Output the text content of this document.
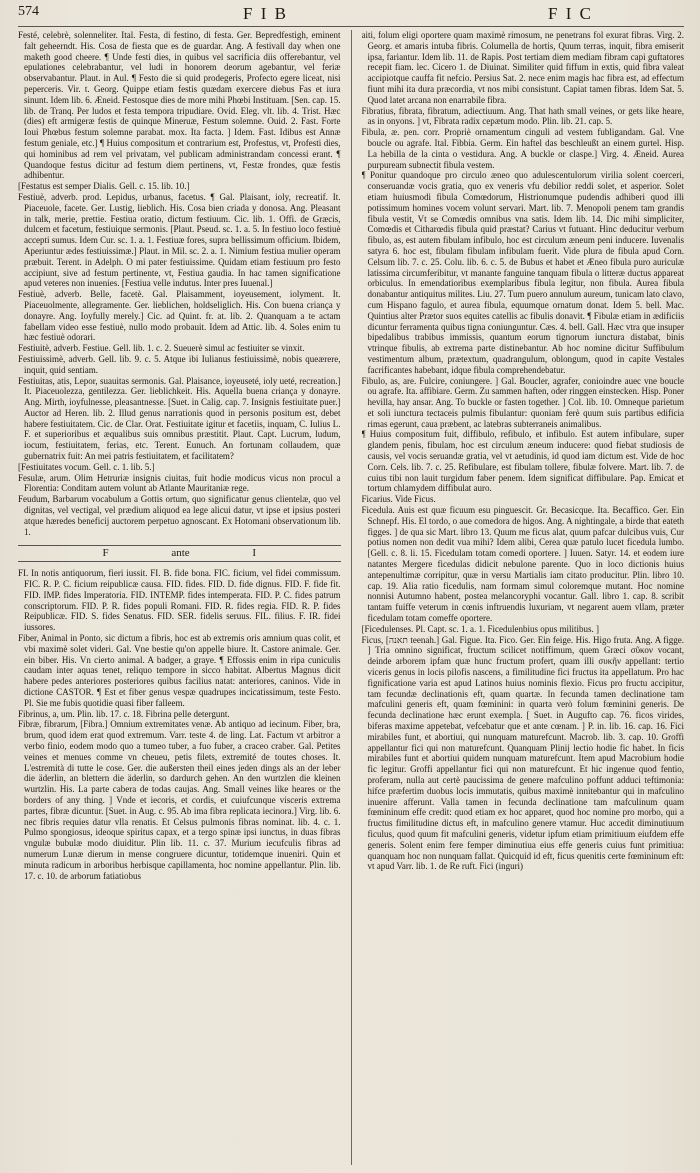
574	F I B	F I C

Festé, celebrè, solenneliter. Ital. Festa, di festino, di festa. Ger. Bepredfestigh, eminent falt geheerndt. His. Cosa de fiesta que es de guardar. Ang. A festivall day when one maketh good cheere. ¶ Unde festi dies, in quibus vel sacrificia diis offerebantur, vel epulationes celebrabantur, vel ludi in honorem deorum agebantur, vel feriæ observabantur. Plaut. in Aul. ¶ Festo die si quid prodegeris, Profecto egere liceat, nisi peperceris. Vir. t. Georg. Quippe etiam festis quædam exercere diebus Fas et iura sinunt. Idem lib. 6. Æneid. Festosque dies de more mihi Phœbi Instituam. [Sen. cap. 15. lib. de Tranq. Per ludos et festa tempora tripudiare. Ovid. Eleg. vlt. lib. 4. Trist. Hæc (dies) eft armigeræ festis de quinque Mineruæ, Festum solemne. Ouid. 2. Fast. Forte Ioui Phœbus festum solemne parabat. mox. Ita facta. ] Idem. Fast. Idibus est Annæ festum geniale, etc.] ¶ Huius compositum et contrarium est, Profestus, vt, Profesti dies, qui hominibus ad rem vel privatam, vel publicam administrandam concessi erant. ¶ Quandoque festus dicitur ad festum diem pertinens, vt, Festæ frondes, quæ festis adhibentur.

[Festatus est semper Dialis. Gell. c. 15. lib. 10.]

Festiuè, adverb. prod. Lepidus, urbanus, facetus. ¶ Gal. Plaisant, ioly, recreatif. It. Piaceuole, facete. Ger. Lustig, lieblich. His. Cosa bien criada y donosa. Ang. Pleasant in talk, merie, prettie. Festiua oratio, dictum festiuum. Cic. lib. 1. Offi. de Græcis, dulcem et facetum, festiuique sermonis. [Plaut. Pseud. sc. 1. a. 5. In festiuo loco festiuè accepti sumus. Idem Cur. sc. 1. a. 1. Festiuæ fores, supra bellissimum officium. Ibidem, Aperiuntur ædes festiuissimæ.] Plaut. in Mil. sc. 2. a. 1. Nimium festiua mulier operam præbuit. Terent. in Adelph. O mi pater festiuissime. Quidam etiam festiuum pro festo accipiunt, sive ad festum pertinente, vt, Festiua gaudia. In hac tamen significatione apud veteres non inuenies. [Festiua velle indutus. Inter pres Iuuenal.]

Festiuè, adverb. Belle, facetè. Gal. Plaisamment, ioyeusement, iolyment. It. Piaceuolmente, allegramente. Ger. lieblichen, holdseliglich. His. Con buena criança y donayre. Ang. Ioyfully merely.] Cic. ad Quint. fr. at. lib. 2. Quanquam a te actam fabellam video esse festiuè, nullo modo probauit. Idem ad Attic. lib. 4. Soles enim tu hæc festiuè odorari.

Festiuitè, adverb. Festiue. Gell. lib. 1. c. 2. Sueuerè simul ac festiuiter se vinxit.

Festiuissimè, adverb. Gell. lib. 9. c. 5. Atque ibi Iulianus festiuissimè, nobis queærere, inquit, quid sentiam.

Festiuitas, atis, Lepor, suauitas sermonis. Gal. Plaisance, ioyeuseté, ioly ueté, recreation.] It. Piaceuolezza, gentilezza. Ger. lieblichkeit. His. Aquella buena criança y donayre. Ang. Mirth, ioyfulnesse, pleasantnesse. [Suet. in Calig. cap. 7. Insignis festiuitate puer.] Auctor ad Heren. lib. 2. Illud genus narrationis quod in personis positum est, debet habere festiuitatem. Cic. de Clar. Orat. Festiuitate igitur et facetiis, inquam, C. Iulius L. F. et superioribus et æqualibus suis omnibus præstitit. Plaut. Capt. Lucrum, ludum, iocum, festiuitatem, ferias, etc. Terent. Eunuch. An fortunam collaudem, quæ gubernatrix fuit: An mei patris festiuitatem, et facilitatem?

[Festiuitates vocum. Gell. c. 1. lib. 5.]

Fesulæ, arum. Olim Hetruriæ insignis ciuitas, fuit hodie modicus vicus non procul a Florentia: Conditam autem volunt ab Atlante Mauritaniæ rege.

Feudum, Barbarum vocabulum a Gottis ortum, quo significatur genus clientelæ, quo vel dignitas, vel vectigal, vel prædium aliquod ea lege alicui datur, vt ipse et ipsius posteri atque hæredes beneficij auctorem perpetuo agnoscant. Ex Hotomani observationum lib. 1.

F	ante	I

FI. In notis antiquorum, fieri iussit. FI. B. fide bona. FIC. ficium, vel fidei commissum. FIC. R. P. C. ficium reipublicæ causa. FID. fides. FID. D. fide dignus. FID. F. fide fit. FID. IMP. fides Imperatoria. FID. INTEMP. fides intemperata. FID. P. C. fides patrum conscriptorum. FID. P. R. fides populi Romani. FID. R. fides regia. FID. R. P. fides Reipublicæ. FID. S. fides Senatus. FID. SER. fidelis seruus. FIL. filius. F. IR. fidei iussores.

Fiber, Animal in Ponto, sic dictum a fibris, hoc est ab extremis oris amnium quas colit, et vbi maximè solet videri. Gal. Vne bestie qu'on appelle biure. It. Castore animale. Ger. ein biber. His. Vn cierto animal. A badger, a graye. ¶ Effossis enim in ripa cuniculis caudam inter aquas tenet, reliquo tempore in sicco habitat. Albertus Magnus dicit habere pedes anteriores posteriores quibus facilius natat: anteriores, caninos. Vide in dictione CASTOR. ¶ Est et fiber genus vespæ quadrupes incicatissimum, teste Festo. Pl. Sie me fubis quotidie quasi fiber falleem.

Fibrinus, a, um. Plin. lib. 17. c. 18. Fibrina pelle detergunt.

Fibræ, fibrarum, [Fibra.] Omnium extremitates venæ. Ab antiquo ad iecinum. Fiber, bra, brum, quod idem erat quod extremum. Varr. teste 4. de ling. Lat. Factum vt arbitror a verbo finio, eodem modo quo a tumeo tuber, a fuo fuber, a craceo craber. Gal. Petites veines et menues comme vn cheueu, petis filets, extremité de toutes choses. It. L'estremità di tutte le cose. Ger. die außersten theil eines jeden dings als an der leber die äderlin, an blettern die äderlin, so dardurch gehen. An den wurtzlen die kleinen wurtzlin. His. La parte cabera de todas caujas. Ang. Small veines like heares or the borders of any thing. ] Vnde et iecoris, et cordis, et cuiufcunque visceris extrema partes, fibræ dicuntur. [Suet. in Aug. c. 95. Ab ima fibra replicata iecinora.] Virg. lib. 6. nec fibris requies datur vlla renatis. Et Celsus pulmonis fibras nominat. lib. 4. c. 1. Pulmo spongiosus, ideoque spiritus capax, et a tergo spinæ ipsi iunctus, in duas fibras vngulæ bubulæ modo diuiditur. Plin lib. 11. c. 37. Murium iecufculis fibras ad numerum Lunæ dierum in mense congruere dicuntur, totidemque inueniri. Quin et minuta radicum in arboribus herbisque capillamenta, hoc nomine appellantur. Plin. lib. 17. c. 10. de arborum fatiatiobus

aiti, folum eligi oportere quam maximè rimosum, ne penetrans fol exurat fibras. Virg. 2. Georg. et amaris intuba fibris. Columella de hortis, Quum terras, inquit, fibra emiserit ipsa, fariantur. Idem lib. 11. de Rapis. Post tertiam diem mediam fibram capi guftatores recepit fiam. lec. Cicero 1. de Diuinat. Similiter quid fiffum in extis, quid fibra valeat accipiotque cauffa fit nefcio. Persius Sat. 2. nece enim magis hac fibra est, ad effectum fiunt mihi ita dura præcordia, vt nos mibi consistunt. Capiat tamen fibras. Idem Sat. 5. Quod latet arcana non enarrabile fibra.

Fibratius, fibrata, fibratum, adiectiuum. Ang. That hath small veines, or gets like heare, as in onyons. ] vt, Fibrata radix cepætum modo. Plin. lib. 21. cap. 5.

Fibula, æ. pen. corr. Propriè ornamentum cinguli ad vestem fubligandam. Gal. Vne boucle ou agrafe. Ital. Fibbia. Germ. Ein haftel das beschleußt an einem gurtel. Hisp. La hebilla de la cinta o vestidura. Ang. A buckle or claspe.] Virg. 4. Æneid. Aurea purpuream subnectit fibula vestem.

¶ Ponitur quandoque pro circulo æneo quo adulescentulorum virilia solent coerceri, conseruandæ vocis gratia, quo ex veneris vfu debilior reddi solet, et asperior. Solet etiam huiusmodi fibula Comœdorum, Histrionumque pudendis adhiberi quod illi potissimum homines vocem volunt servari. Mart. lib. 7. Menopoli penem tam grandis fibula vestit, Vt se Comœdis omnibus vna satis. Idem lib. 14. Dic mihi simpliciter, Comœdis et Citharœdis fibula quid præstat? Carius vt futuant. Hinc deducitur verbum fibulo, as, est autem fibulam infibulo, hoc est circulum æneum peni inducere. Iuvenalis satyra 6. hoc est, fibulam fibulam infibulam fuerit. Vide plura de fibula apud Corn. Celsum lib. 7. c. 25. Colu. lib. 6. c. 5. de Bubus et habet et Æneo fibula puro auriculæ latissima circumferibitur, vt manante fanguine tanquam fibula o litteræ ductus appareat orbiculus. In emendatioribus exemplaribus fibula legitur, non fibula. Aurea fibula donabantur antiquitus milites. Liu. 27. Tum puero annulum aureum, tunicam lato clavo, cum Hispano fagulo, et aurea fibula, equumque ornatum donat. Idem 5. bell. Mac. Quintius alter Prætor suos equites catellis ac fibulis donavit. ¶ Fibulæ etiam in ædificiis dicuntur ferramenta quibus tigna coniunguntur. Cæs. 4. bell. Gall. Hæc vtra que insuper bipedalibus trabibus immissis, quantum eorum tignorum iunctura distabat, binis vtrinque fibulis, ab extrema parte distinebantur. Ab hoc nomine dicitur Suffibulum vestimentum album, prætextum, quadrangulum, oblongum, quod in capite Vestales facrificantes habebant, idque fibula comprehendebatur.

Fibulo, as, are. Fulcire, coniungere. ] Gal. Boucler, agrafer, conioindre auec vne boucle ou agrafe. Ita. affibiare. Germ. Zu sammen haften, oder ringgen einstecken. Hisp. Poner hevilla, hay ansar. Ang. To buckle or fasten together. ] Col. lib. 10. Omneque parietum et soli iunctura tectaceis pulmis fibulantur: quoniam ferè quum suis partibus edificia rimas egerunt, caua præbent, ac latebras subterraneis animalibus.

¶ Huius compositum fuit, diffibulo, refibulo, et infibulo. Est autem infibulare, super glandem penis, fibulam, hoc est circulum æneum inducere: quod fiebat studiosis de causis, vel vocis seruandæ gratia, vel vt aetudinis, id quod iam dictum est. Vide de hoc Corn. Cels. lib. 7. c. 25. Refibulare, est fibulam tollere, fibulæ folvere. Mart. lib. 7. de cuius tibi non lauit turgidum faber penem. Idem significat diffibulare. Pap. Emicat et tortum chlamydem diffibulat auro.

Ficarius. Vide Ficus.

Ficedula. Auis est quæ ficuum esu pinguescit. Gr. Becasicque. Ita. Becaffico. Ger. Ein Schnepf. His. El tordo, o aue comedora de higos. Ang. A nightingale, a birde that eateth figges. ] de qua sic Mart. libro 13. Quum me ficus alat, quum pafcar dulcibus vuis, Cur potius nomen non dedit vua mihi? Idem alibi, Cerea quæ patulo lucet ficedula lumbo. [Gell. c. 8. li. 15. Ficedulam totam comedi oportere. ] Iuuen. Satyr. 14. et eodem iure natantes Mergere ficedulas didicit nebulone parente. Quo in loco dictionis huius antepenultimæ corripitur, quæ in versu Martialis iam citato producitur. Plin. libro 10. cap. 19. Alia ratio ficedulis, nam formam simul coloremque mutant. Hoc nomine nonnisi Autumno habent, postea melancoryphi vocantur. Gall. libro 1. cap. 8. scribit tantam fuiffe veterum in cœnis inftruendis luxuriam, vt negarent auem vllam, præter ficedulam totam comeffe oportere.

[Ficedulenses. Pl. Capt. sc. 1. a. 1. Ficedulenbius opus militibus. ]

Ficus, [תאנה teenah.] Gal. Figue. Ita. Fico. Ger. Ein feige. His. Higo fruta. Ang. A figge. ] Tria omnino significat, fructum scilicet notiffimum, quem Græci σῦκον vocant, deinde arborem ipfam quæ hunc fructum profert, quam illi συκῆν appellant: tertio viceris genus in locis pilofis nascens, a fimilitudine fici fructus ita appellatum. Pro hac fignificatione varia est apud Latinos huius nominis flexio. Ficus pro fructu accipitur, tam fecundæ declinationis eft, quam quartæ. In fecunda tamen declinatione tam mafculini generis eft, quam fœminini: in quarta verò folum fœminini generis. De fecunda declinatione hæc erunt exempla. [ Suet. in Augufto cap. 76. ficos virides, biferas maxime appetebat, vefcebatur que et ante cœnam. ] P. in. lib. 16. cap. 16. Fici mirabiles funt, et abortiui, qui nunquam maturefcunt. Macrob. lib. 3. cap. 10. Groffi appellantur fici qui non maturefcunt. Quanquam Plinij lectio hodie fic habet. In ficis mirabiles funt et abortiui quidem nunquam maturefcunt. Item apud Macrobium hodie fic legitur. Groffi appellantur fici qui non maturefcunt. Et hic ingenue quod fentio, proferam, nulla aut certè paucissima de genere mafculino poffunt adduci teftimonia: hifce præfertim duobus locis immutatis, quibus maximè innitebantur qui in mafculino inuenire afferunt. Valla tamen in fecunda declinatione tam mafculinum quam fœmininum effe credit: quod etiam ex hoc apparet, quod hoc nomine pro morbo, qui a fructus fimilitudine dictus eft, in mafculino genere vtamur. Huc accedit diminutiuum ficulus, quod quum fit mafculini generis, videtur ipfum etiam primitiuum eiufdem effe generis. Solent enim fere femper diminutiua eius effe generis cuius funt primitiua: quanquam hoc non nunquam fallat. Quicquid id eft, ficus quenitis certe fœmininum eft: vt apud Varr. lib. 1. de Re ruft. Fici (inguri)
